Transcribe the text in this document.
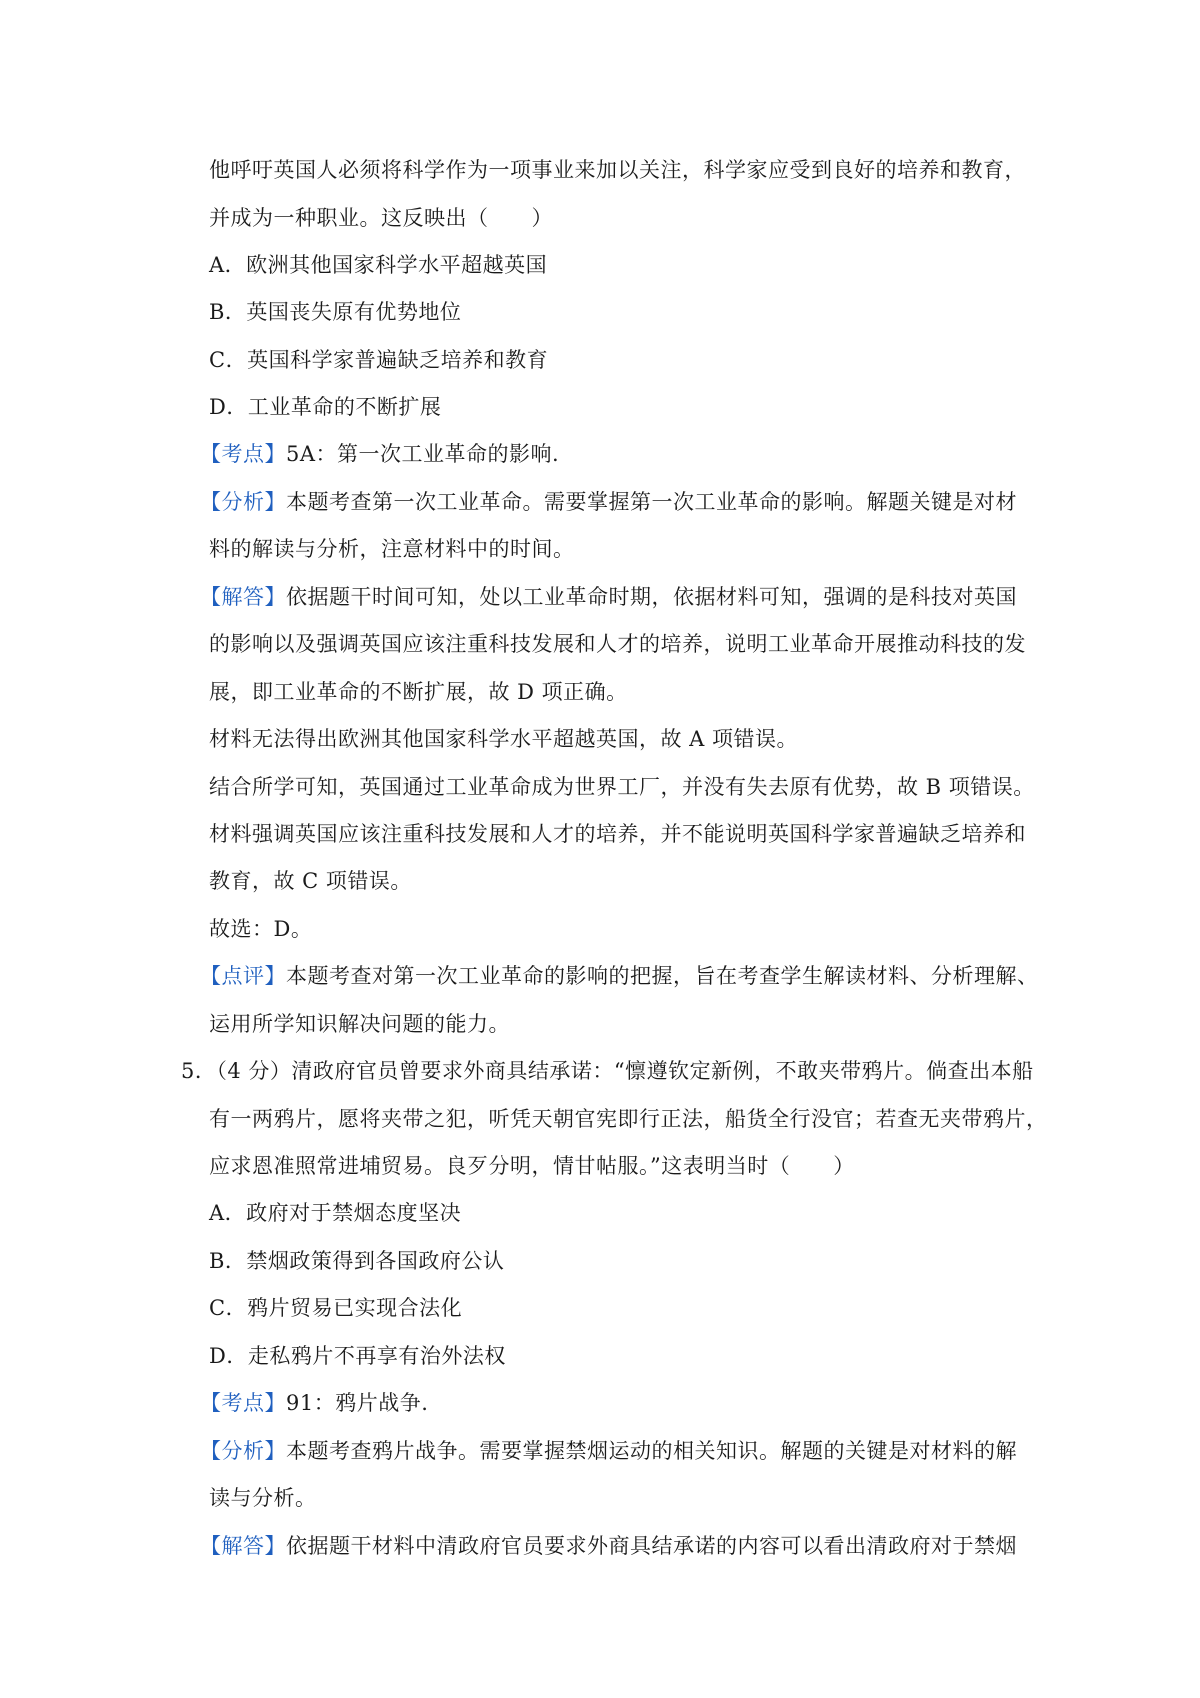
他呼吁英国人必须将科学作为一项事业来加以关注，科学家应受到良好的培养和教育，
并成为一种职业。这反映出（　　）
A．欧洲其他国家科学水平超越英国
B．英国丧失原有优势地位
C．英国科学家普遍缺乏培养和教育
D．工业革命的不断扩展
【考点】5A：第一次工业革命的影响.
【分析】本题考查第一次工业革命。需要掌握第一次工业革命的影响。解题关键是对材
料的解读与分析，注意材料中的时间。
【解答】依据题干时间可知，处以工业革命时期，依据材料可知，强调的是科技对英国
的影响以及强调英国应该注重科技发展和人才的培养，说明工业革命开展推动科技的发
展，即工业革命的不断扩展，故 D 项正确。
材料无法得出欧洲其他国家科学水平超越英国，故 A 项错误。
结合所学可知，英国通过工业革命成为世界工厂，并没有失去原有优势，故 B 项错误。
材料强调英国应该注重科技发展和人才的培养，并不能说明英国科学家普遍缺乏培养和
教育，故 C 项错误。
故选：D。
【点评】本题考查对第一次工业革命的影响的把握，旨在考查学生解读材料、分析理解、
运用所学知识解决问题的能力。
5．（4 分）清政府官员曾要求外商具结承诺：“懔遵钦定新例，不敢夹带鸦片。倘查出本船
有一两鸦片，愿将夹带之犯，听凭天朝官宪即行正法，船货全行没官；若查无夹带鸦片，
应求恩准照常进埔贸易。良歹分明，情甘帖服。”这表明当时（　　）
A．政府对于禁烟态度坚决
B．禁烟政策得到各国政府公认
C．鸦片贸易已实现合法化
D．走私鸦片不再享有治外法权
【考点】91：鸦片战争.
【分析】本题考查鸦片战争。需要掌握禁烟运动的相关知识。解题的关键是对材料的解
读与分析。
【解答】依据题干材料中清政府官员要求外商具结承诺的内容可以看出清政府对于禁烟
